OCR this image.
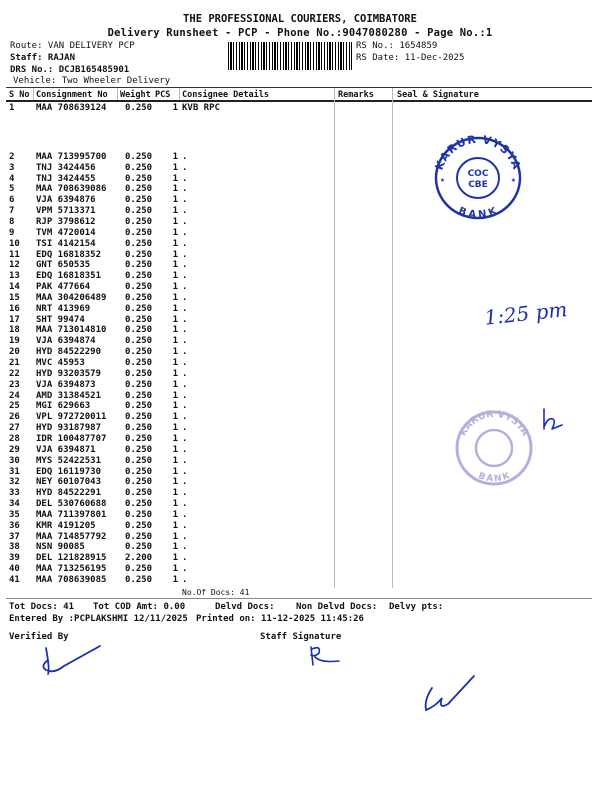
THE PROFESSIONAL COURIERS, COIMBATORE
Delivery Runsheet - PCP - Phone No.:9047080280 - Page No.:1
Route: VAN DELIVERY PCP
Staff: RAJAN
DRS No.: DCJB165485901
Vehicle: Two Wheeler Delivery
RS No.: 1654859
RS Date: 11-Dec-2025
S No Consignment No Weight PCS Consignee Details	Remarks	Seal & Signature
1 MAA 708639124 0.250	1 KVB RPC
2 MAA 713995700 0.250	1 .
3 TNJ 3424456	0.250	1 .
4 TNJ 3424455	0.250	1 .
5 MAA 708639086 0.250	1 .
6 VJA 6394876	0.250	1 .
7 VPM 5713371	0.250	1 .
8 RJP 3798612	0.250	1 .
9 TVM 4720014	0.250	1 .
10 TSI 4142154	0.250	1 .
11 EDQ 16818352	0.250	1 .
12 GNT 650535	0.250	1 .
13 EDQ 16818351	0.250	1 .
14 PAK 477664	0.250	1 .
15 MAA 304206489 0.250	1 .
16 NRT 413969	0.250	1 .
17 SHT 99474	0.250	1 .
18 MAA 713014810 0.250	1 .
19 VJA 6394874	0.250	1 .
20 HYD 84522290	0.250	1 .
21 MVC 45953	0.250	1 .
22 HYD 93203579	0.250	1 .
23 VJA 6394873	0.250	1 .
24 AMD 31384521	0.250	1 .
25 MGI 629663	0.250	1 .
26 VPL 972720011 0.250	1 .
27 HYD 93187987	0.250	1 .
28 IDR 100487707 0.250	1 .
29 VJA 6394871	0.250	1 .
30 MYS 52422531	0.250	1 .
31 EDQ 16119730	0.250	1 .
32 NEY 60107043	0.250	1 .
33 HYD 84522291	0.250	1 .
34 DEL 530760688 0.250	1 .
35 MAA 711397801 0.250	1 .
36 KMR 4191205	0.250	1 .
37 MAA 714857792 0.250	1 .
38 NSN 90085	0.250	1 .
39 DEL 121828915 2.200	1 .
40 MAA 713256195 0.250	1 .
41 MAA 708639085 0.250	1 .
No.Of Docs: 41
Tot Docs: 41 Tot COD Amt: 0.00	Delvd Docs: Non Delvd Docs: Delvy pts:
Entered By :PCPLAKSHMI 12/11/2025 Printed on: 11-12-2025 11:45:26
Verified By	Staff Signature
KARUR VYSYA
BANK
COC
CBE
★	★
KARUR VYSYA
BANK
1:25 pm
